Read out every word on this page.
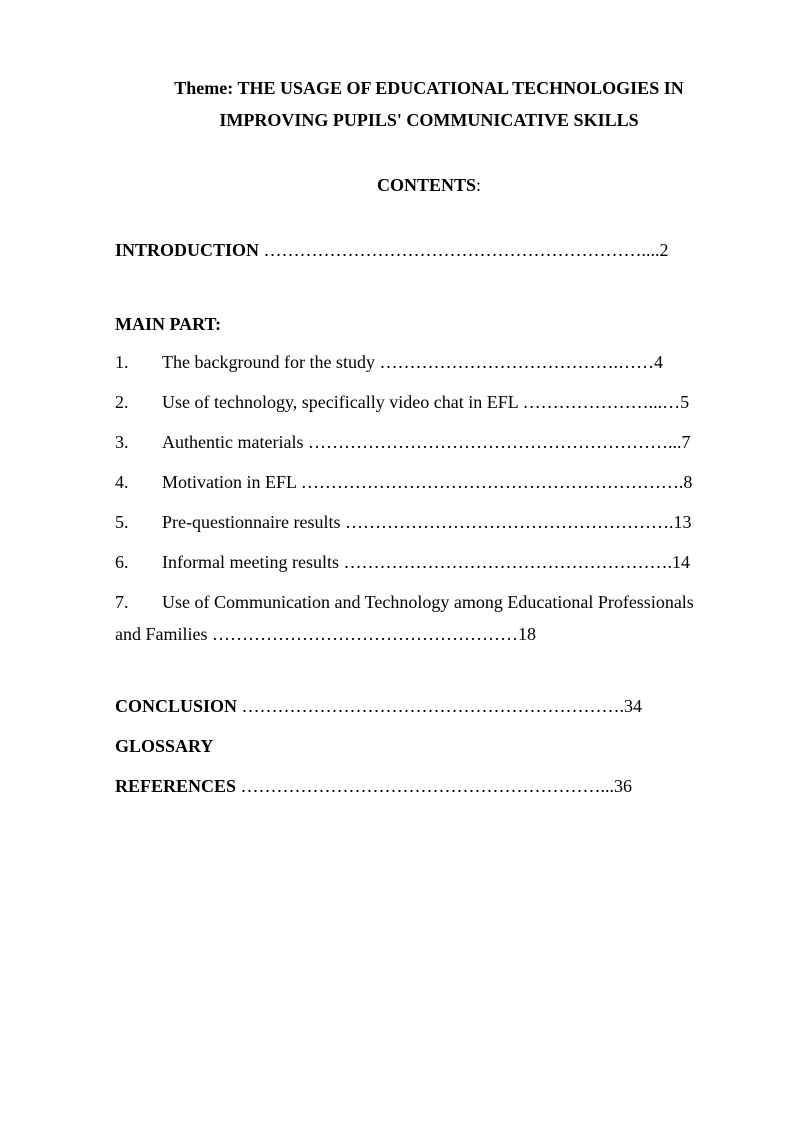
Theme: THE USAGE OF EDUCATIONAL TECHNOLOGIES IN
IMPROVING PUPILS' COMMUNICATIVE SKILLS
CONTENTS:
INTRODUCTION ………………………………………………………....2
MAIN PART:
1. The background for the study ………………………………….……4
2. Use of technology, specifically video chat in EFL …………………...…5
3. Authentic materials ……………………………………………………...7
4. Motivation in EFL ……………………………………………………….8
5. Pre-questionnaire results ……………………………………………….13
6. Informal meeting results ……………………………………………….14
7. Use of Communication and Technology among Educational Professionals
and Families ……………………………………………18
CONCLUSION ……………………………………………………….34
GLOSSARY
REFERENCES ……………………………………………………...36
